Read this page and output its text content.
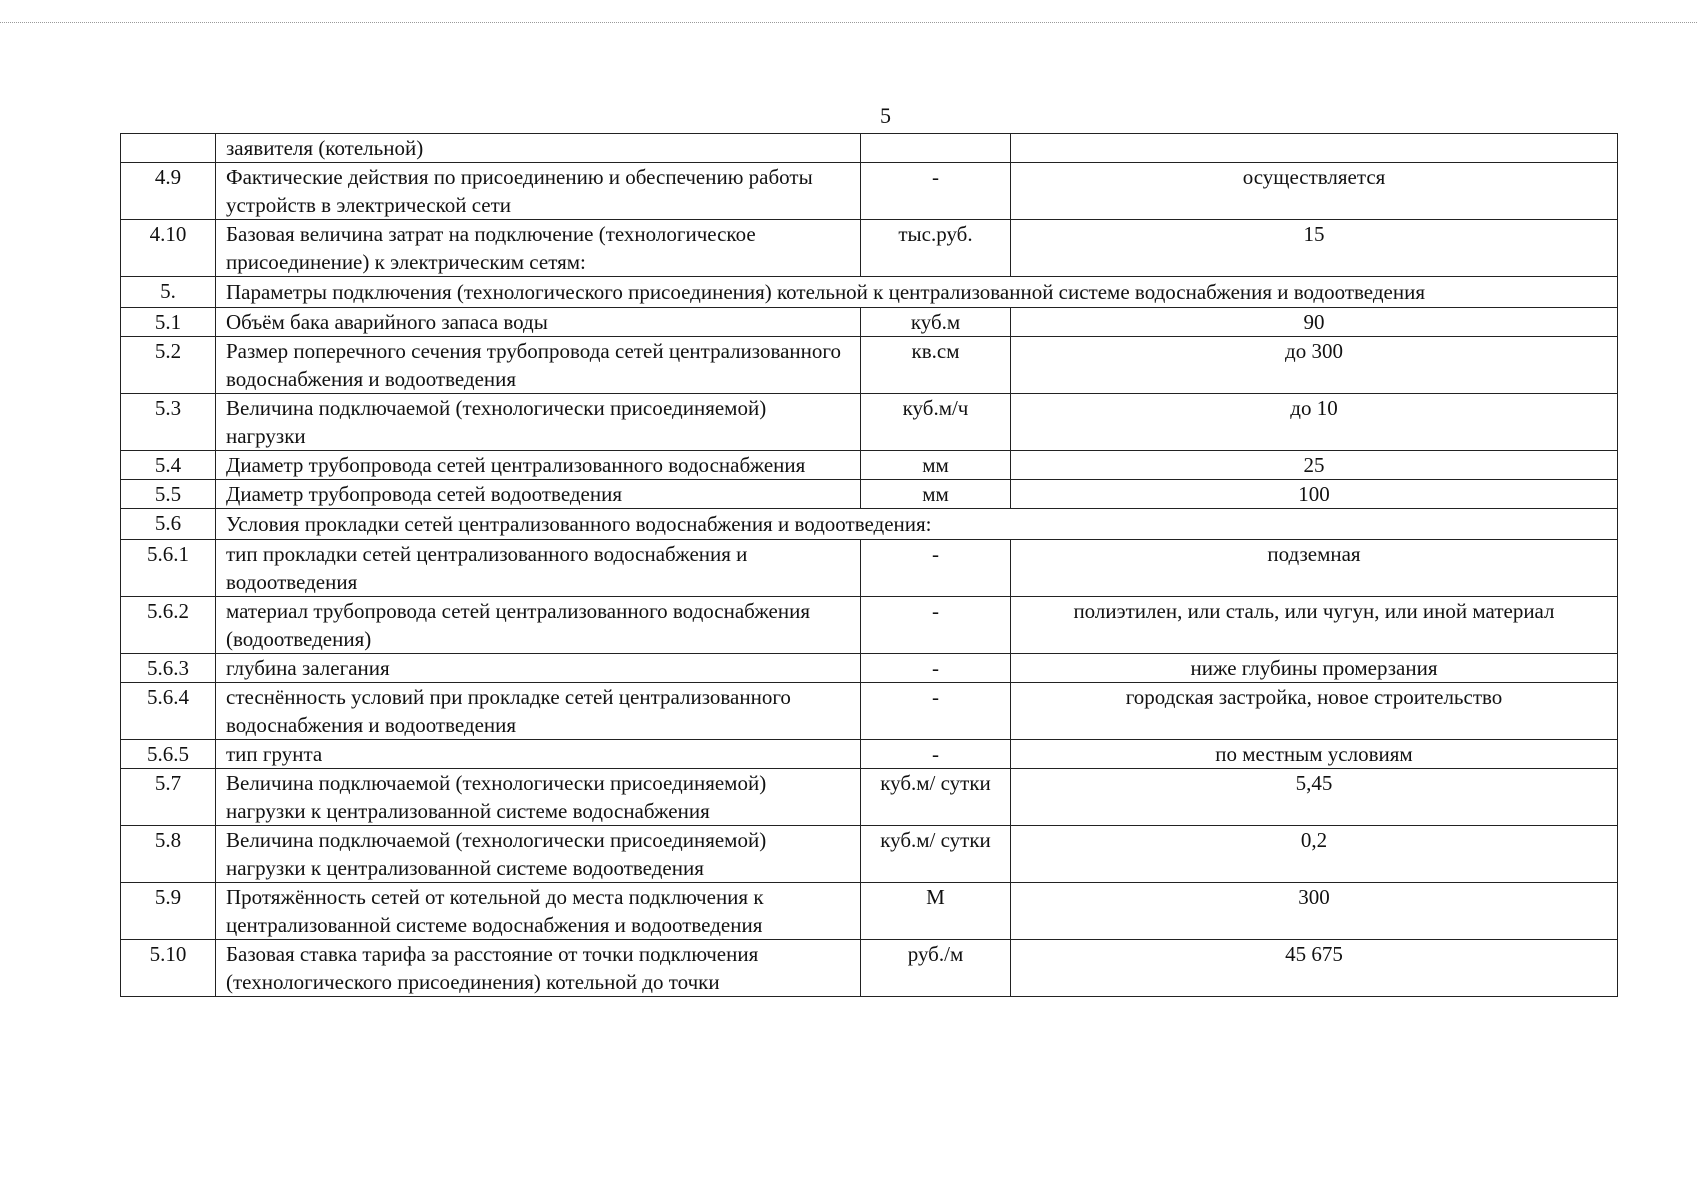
5
	заявителя (котельной)		
4.9	Фактические действия по присоединению и обеспечению работы устройств в электрической сети	-	осуществляется
4.10	Базовая величина затрат на подключение (технологическое присоединение) к электрическим сетям:	тыс.руб.	15
5.	Параметры подключения (технологического присоединения) котельной к централизованной системе водоснабжения и водоотведения		
5.1	Объём бака аварийного запаса воды	куб.м	90
5.2	Размер поперечного сечения трубопровода сетей централизованного водоснабжения и водоотведения	кв.см	до 300
5.3	Величина подключаемой (технологически присоединяемой) нагрузки	куб.м/ч	до 10
5.4	Диаметр трубопровода сетей централизованного водоснабжения	мм	25
5.5	Диаметр трубопровода сетей водоотведения	мм	100
5.6	Условия прокладки сетей централизованного водоснабжения и водоотведения:		
5.6.1	тип прокладки сетей централизованного водоснабжения и водоотведения	-	подземная
5.6.2	материал трубопровода сетей централизованного водоснабжения (водоотведения)	-	полиэтилен, или сталь, или чугун, или иной материал
5.6.3	глубина залегания	-	ниже глубины промерзания
5.6.4	стеснённость условий при прокладке сетей централизованного водоснабжения и водоотведения	-	городская застройка, новое строительство
5.6.5	тип грунта	-	по местным условиям
5.7	Величина подключаемой (технологически присоединяемой) нагрузки к централизованной системе водоснабжения	куб.м/ сутки	5,45
5.8	Величина подключаемой (технологически присоединяемой) нагрузки к централизованной системе водоотведения	куб.м/ сутки	0,2
5.9	Протяжённость сетей от котельной до места подключения к централизованной системе водоснабжения и водоотведения	М	300
5.10	Базовая ставка тарифа за расстояние от точки подключения (технологического присоединения) котельной до точки	руб./м	45 675
